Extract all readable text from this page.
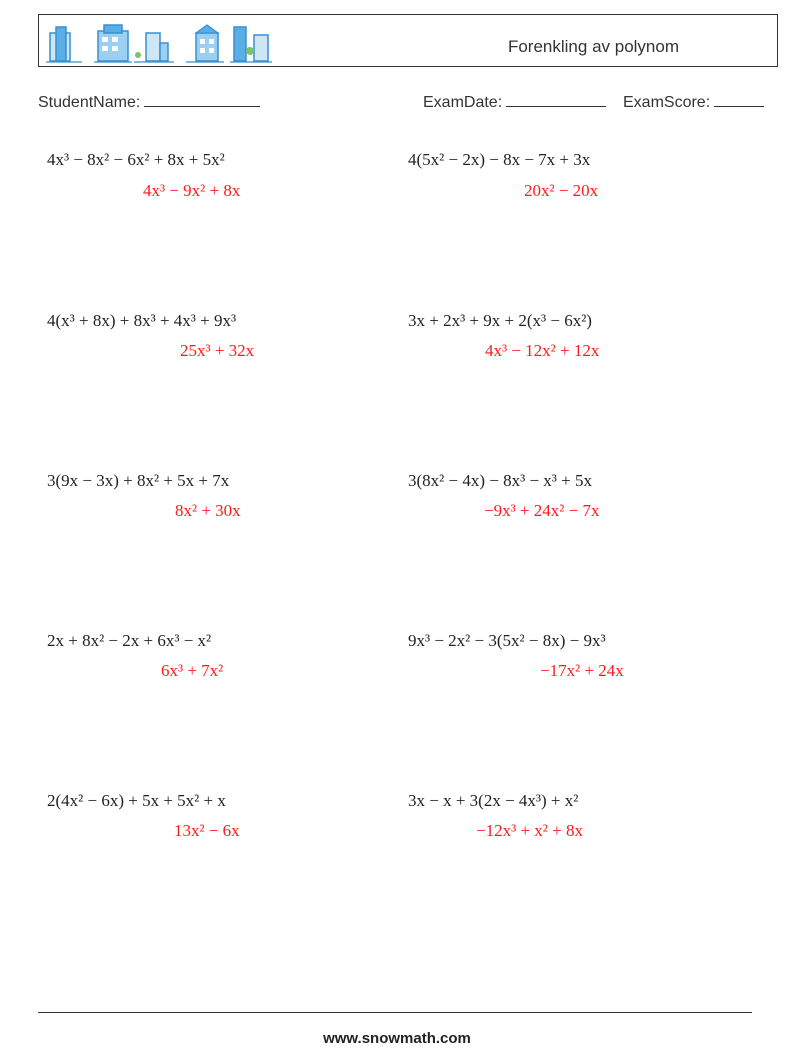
Forenkling av polynom
StudentName:	ExamDate:	ExamScore:
4x³ − 8x² − 6x² + 8x + 5x²
4x³ − 9x² + 8x
4(5x² − 2x) − 8x − 7x + 3x
20x² − 20x
4(x³ + 8x) + 8x³ + 4x³ + 9x³
25x³ + 32x
3x + 2x³ + 9x + 2(x³ − 6x²)
4x³ − 12x² + 12x
3(9x − 3x) + 8x² + 5x + 7x
8x² + 30x
3(8x² − 4x) − 8x³ − x³ + 5x
−9x³ + 24x² − 7x
2x + 8x² − 2x + 6x³ − x²
6x³ + 7x²
9x³ − 2x² − 3(5x² − 8x) − 9x³
−17x² + 24x
2(4x² − 6x) + 5x + 5x² + x
13x² − 6x
3x − x + 3(2x − 4x³) + x²
−12x³ + x² + 8x
www.snowmath.com
